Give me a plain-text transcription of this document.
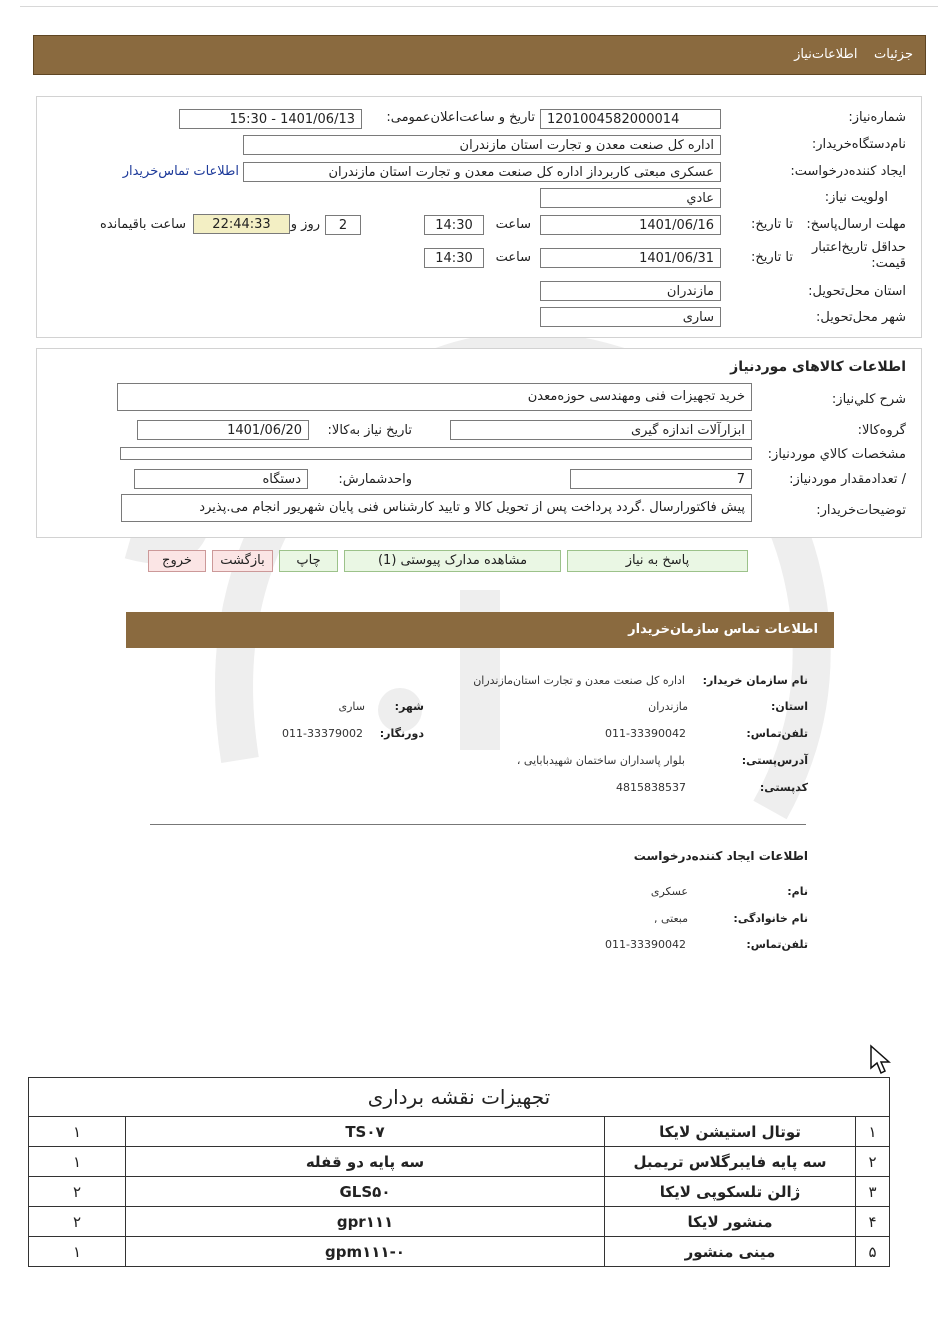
جزئیات    اطلاعات‌نیاز
شماره‌نیاز:
1201004582000014
تاریخ و ساعت‌اعلان‌عمومی:
1401/06/13 - 15:30
نام‌دستگاه‌خریدار:
اداره کل صنعت معدن و تجارت استان مازندران
ایجاد کننده‌درخواست:
عسکری مبعتی کاربرداز اداره کل صنعت معدن و تجارت استان مازندران
اطلاعات تماس‌خریدار
اولویت نیاز:
عادي
مهلت ارسال‌پاسخ:
تا تاریخ:
1401/06/16
ساعت
14:30
2
روز و
22:44:33
ساعت باقیمانده
حداقل تاریخ‌اعتبار قیمت:
تا تاریخ:
1401/06/31
ساعت
14:30
استان محل‌تحویل:
مازندران
شهر محل‌تحویل:
ساری
اطلاعات کالاهای موردنیاز
شرح کلي‌نیاز:
خرید تجهیزات فنی ومهندسی حوزه‌معدن
گروه‌کالا:
ابزارآلات اندازه گیری
تاریخ نیاز به‌کالا:
1401/06/20
مشخصات کالاي مورد‌نیاز:
/ تعداد‌مقدار مورد‌نیاز:
7
واحد‌شمارش:
دستگاه
توضیحات‌خریدار:
پیش فاکتورارسال .گردد پرداخت پس از تحویل کالا و تایید کارشناس فنی پایان شهریور انجام می.پذیرد
پاسخ به نیاز
مشاهده مدارک پیوستی (1)
چاپ
بازگشت
خروج
اطلاعات تماس سازمان‌خریدار
نام سازمان خریدار:
اداره کل صنعت معدن و تجارت استان‌مازندران
استان:
مازندران
شهر:
ساری
تلفن‌تماس:
011-33390042
دورنگار:
011-33379002
آدرس‌پستی:
بلوار پاسداران ساختمان شهیدبابایی ،
کدپستی:
4815838537
اطلاعات ایجاد کننده‌درخواست
نام:
عسکری
نام خانوادگی:
مبعتی ,
تلفن‌تماس:
011-33390042
تجهیزات نقشه برداری			
۱	توتال استیشن لایکا	TS۰۷	۱
۲	سه پایه فایبرگلاس تریمبل	سه پایه دو قفله	۱
۳	ژالن تلسکوپی لایکا	GLS۵۰	۲
۴	منشور لایکا	gpr۱۱۱	۲
۵	مینی منشور	gpm۱۱۱-۰	۱
